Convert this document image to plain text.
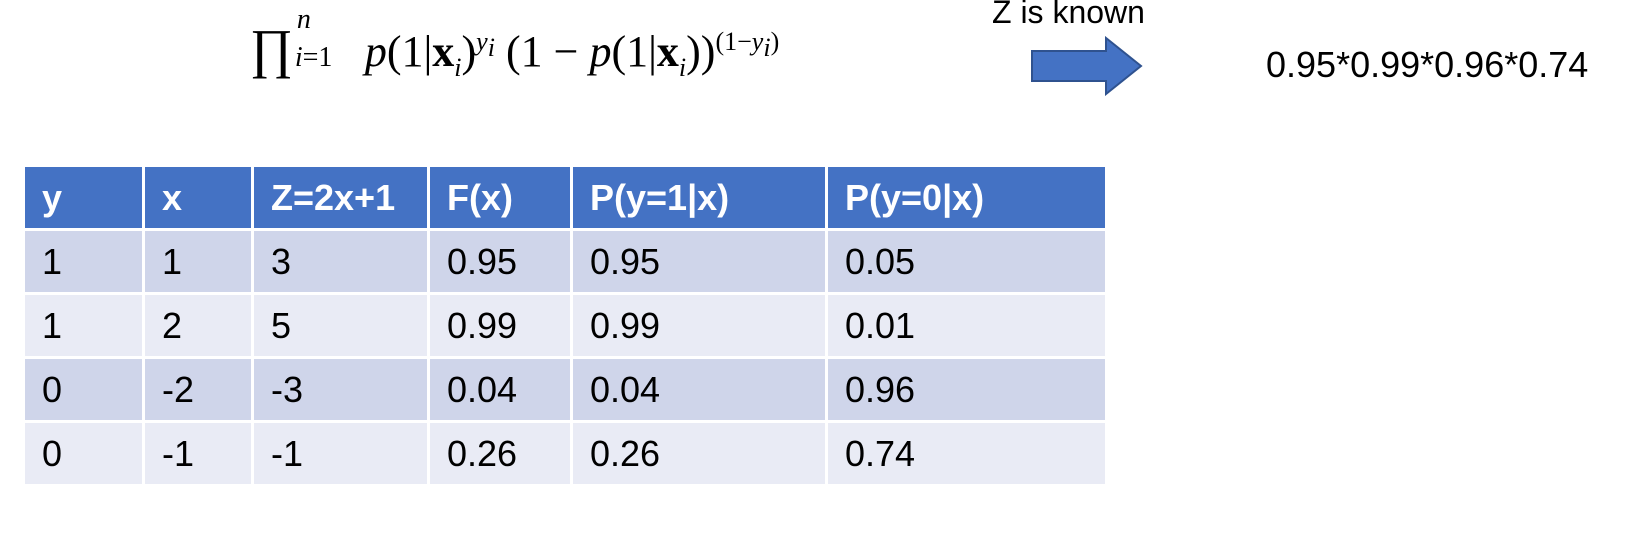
∏
n
i=1 $p(1|x_i)^{y_i}$ $(1 - p(1|x_i))^{(1-y_i)}$
Z is known
0.95*0.99*0.96*0.74
y	x	Z=2x+1	F(x)	P(y=1|x)	P(y=0|x)
1	1	3	0.95	0.95	0.05
1	2	5	0.99	0.99	0.01
0	-2	-3	0.04	0.04	0.96
0	-1	-1	0.26	0.26	0.74
